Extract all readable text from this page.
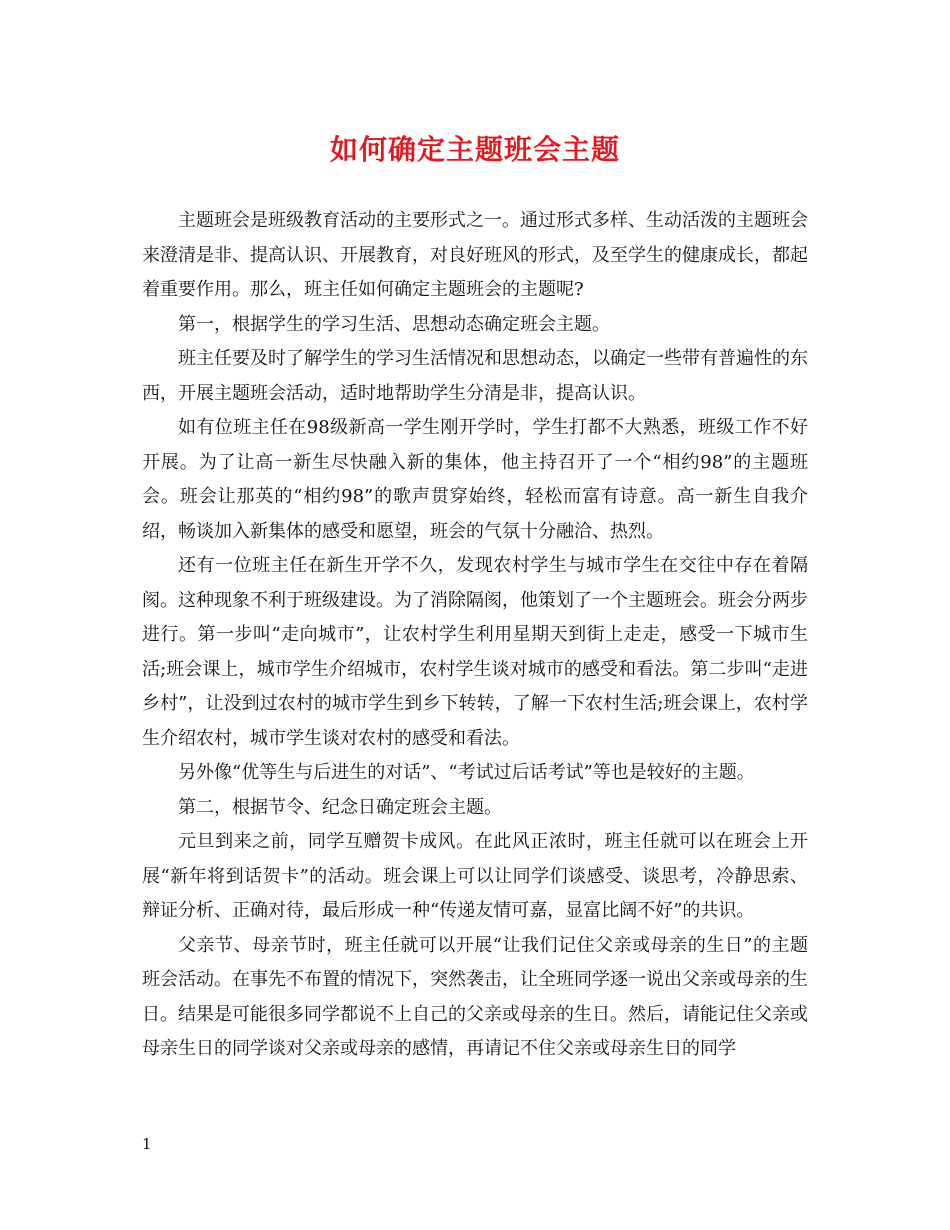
如何确定主题班会主题

主题班会是班级教育活动的主要形式之一。通过形式多样、生动活泼的主题班会来澄清是非、提高认识、开展教育，对良好班风的形式，及至学生的健康成长，都起着重要作用。那么，班主任如何确定主题班会的主题呢?

第一，根据学生的学习生活、思想动态确定班会主题。

班主任要及时了解学生的学习生活情况和思想动态，以确定一些带有普遍性的东西，开展主题班会活动，适时地帮助学生分清是非，提高认识。

如有位班主任在98级新高一学生刚开学时，学生打都不大熟悉，班级工作不好开展。为了让高一新生尽快融入新的集体，他主持召开了一个“相约98”的主题班会。班会让那英的“相约98”的歌声贯穿始终，轻松而富有诗意。高一新生自我介绍，畅谈加入新集体的感受和愿望，班会的气氛十分融洽、热烈。

还有一位班主任在新生开学不久，发现农村学生与城市学生在交往中存在着隔阂。这种现象不利于班级建设。为了消除隔阂，他策划了一个主题班会。班会分两步进行。第一步叫“走向城市”，让农村学生利用星期天到街上走走，感受一下城市生活;班会课上，城市学生介绍城市，农村学生谈对城市的感受和看法。第二步叫“走进乡村”，让没到过农村的城市学生到乡下转转，了解一下农村生活;班会课上，农村学生介绍农村，城市学生谈对农村的感受和看法。

另外像“优等生与后进生的对话”、“考试过后话考试”等也是较好的主题。

第二，根据节令、纪念日确定班会主题。

元旦到来之前，同学互赠贺卡成风。在此风正浓时，班主任就可以在班会上开展“新年将到话贺卡”的活动。班会课上可以让同学们谈感受、谈思考，冷静思索、辩证分析、正确对待，最后形成一种“传递友情可嘉，显富比阔不好”的共识。

父亲节、母亲节时，班主任就可以开展“让我们记住父亲或母亲的生日”的主题班会活动。在事先不布置的情况下，突然袭击，让全班同学逐一说出父亲或母亲的生日。结果是可能很多同学都说不上自己的父亲或母亲的生日。然后，请能记住父亲或母亲生日的同学谈对父亲或母亲的感情，再请记不住父亲或母亲生日的同学

1
